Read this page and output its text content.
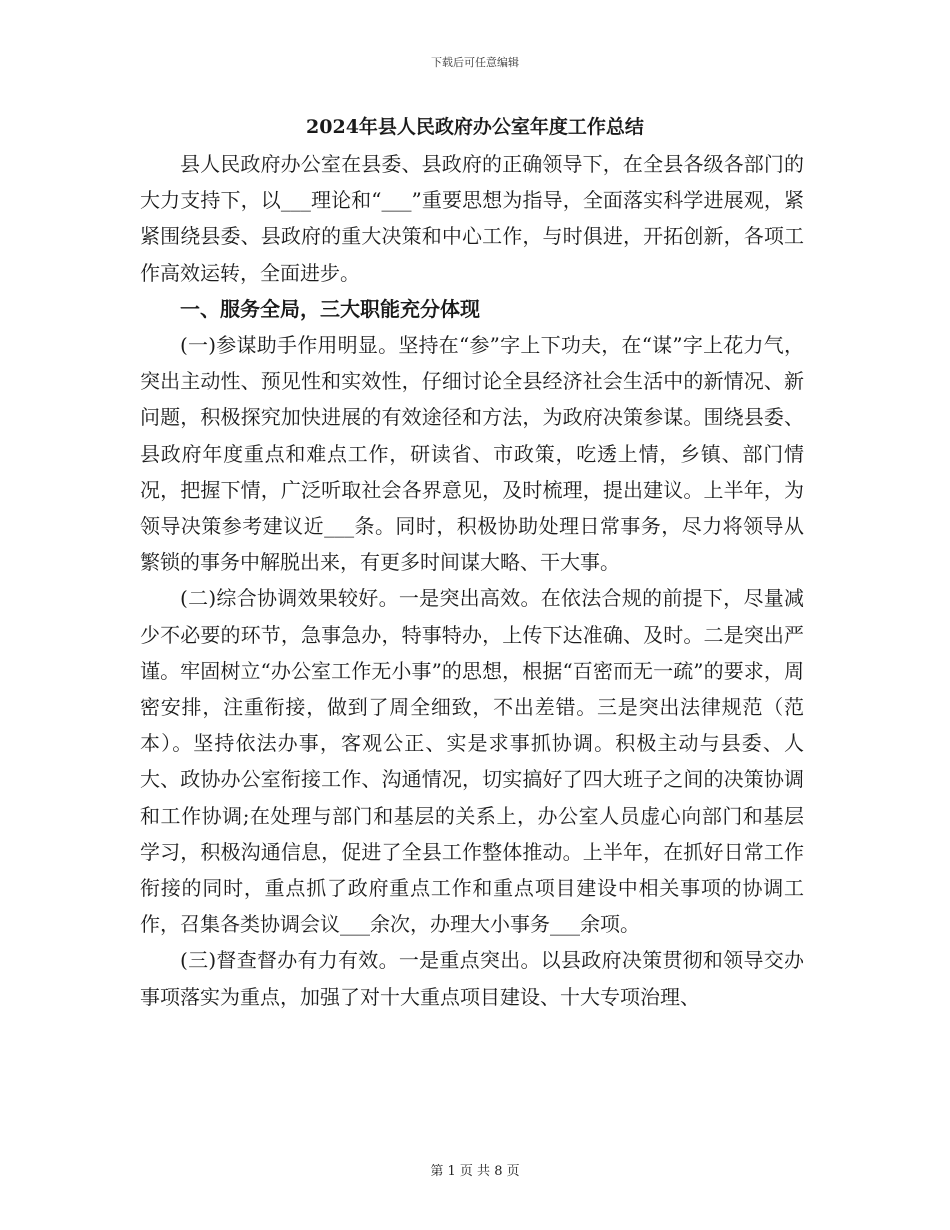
下载后可任意编辑
2024年县人民政府办公室年度工作总结

县人民政府办公室在县委、县政府的正确领导下，在全县各级各部门的大力支持下，以___理论和“___”重要思想为指导，全面落实科学进展观，紧紧围绕县委、县政府的重大决策和中心工作，与时俱进，开拓创新，各项工作高效运转，全面进步。

一、服务全局，三大职能充分体现

(一)参谋助手作用明显。坚持在“参”字上下功夫，在“谋”字上花力气，突出主动性、预见性和实效性，仔细讨论全县经济社会生活中的新情况、新问题，积极探究加快进展的有效途径和方法，为政府决策参谋。围绕县委、县政府年度重点和难点工作，研读省、市政策，吃透上情，乡镇、部门情况，把握下情，广泛听取社会各界意见，及时梳理，提出建议。上半年，为领导决策参考建议近___条。同时，积极协助处理日常事务，尽力将领导从繁锁的事务中解脱出来，有更多时间谋大略、干大事。

(二)综合协调效果较好。一是突出高效。在依法合规的前提下，尽量减少不必要的环节，急事急办，特事特办，上传下达准确、及时。二是突出严谨。牢固树立“办公室工作无小事”的思想，根据“百密而无一疏”的要求，周密安排，注重衔接，做到了周全细致，不出差错。三是突出法律规范（范本）。坚持依法办事，客观公正、实是求事抓协调。积极主动与县委、人大、政协办公室衔接工作、沟通情况，切实搞好了四大班子之间的决策协调和工作协调;在处理与部门和基层的关系上，办公室人员虚心向部门和基层学习，积极沟通信息，促进了全县工作整体推动。上半年，在抓好日常工作衔接的同时，重点抓了政府重点工作和重点项目建设中相关事项的协调工作，召集各类协调会议___余次，办理大小事务___余项。

(三)督查督办有力有效。一是重点突出。以县政府决策贯彻和领导交办事项落实为重点，加强了对十大重点项目建设、十大专项治理、

第 1 页 共 8 页
